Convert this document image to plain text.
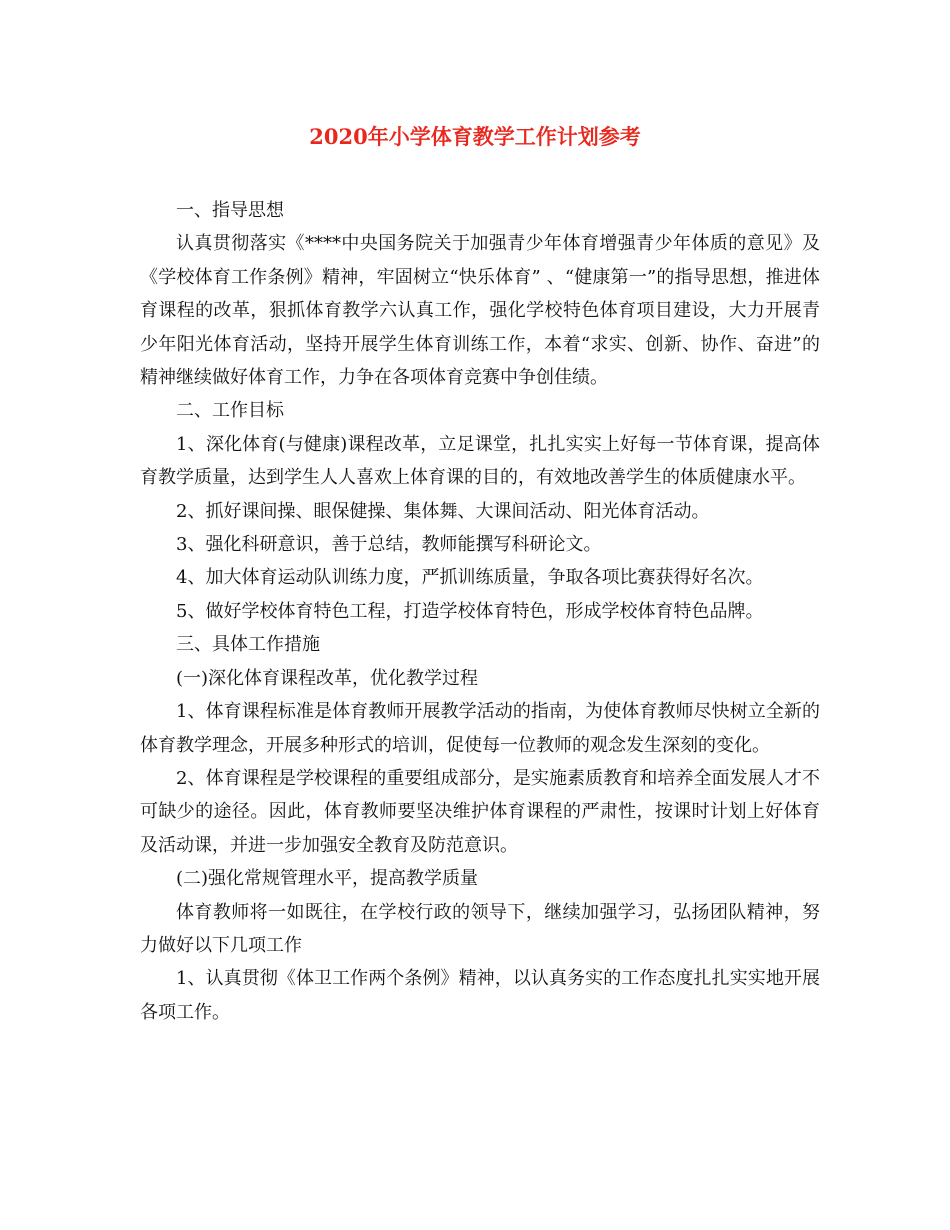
2020年小学体育教学工作计划参考

一、指导思想

认真贯彻落实《****中央国务院关于加强青少年体育增强青少年体质的意见》及《学校体育工作条例》精神，牢固树立“快乐体育” 、“健康第一”的指导思想，推进体育课程的改革，狠抓体育教学六认真工作，强化学校特色体育项目建设，大力开展青少年阳光体育活动，坚持开展学生体育训练工作，本着“求实、创新、协作、奋进”的精神继续做好体育工作，力争在各项体育竞赛中争创佳绩。

二、工作目标

1、深化体育(与健康)课程改革，立足课堂，扎扎实实上好每一节体育课，提高体育教学质量，达到学生人人喜欢上体育课的目的，有效地改善学生的体质健康水平。

2、抓好课间操、眼保健操、集体舞、大课间活动、阳光体育活动。

3、强化科研意识，善于总结，教师能撰写科研论文。

4、加大体育运动队训练力度，严抓训练质量，争取各项比赛获得好名次。

5、做好学校体育特色工程，打造学校体育特色，形成学校体育特色品牌。

三、具体工作措施

(一)深化体育课程改革，优化教学过程

1、体育课程标准是体育教师开展教学活动的指南，为使体育教师尽快树立全新的体育教学理念，开展多种形式的培训，促使每一位教师的观念发生深刻的变化。

2、体育课程是学校课程的重要组成部分，是实施素质教育和培养全面发展人才不可缺少的途径。因此，体育教师要坚决维护体育课程的严肃性，按课时计划上好体育及活动课，并进一步加强安全教育及防范意识。

(二)强化常规管理水平，提高教学质量

体育教师将一如既往，在学校行政的领导下，继续加强学习，弘扬团队精神，努力做好以下几项工作

1、认真贯彻《体卫工作两个条例》精神，以认真务实的工作态度扎扎实实地开展各项工作。
